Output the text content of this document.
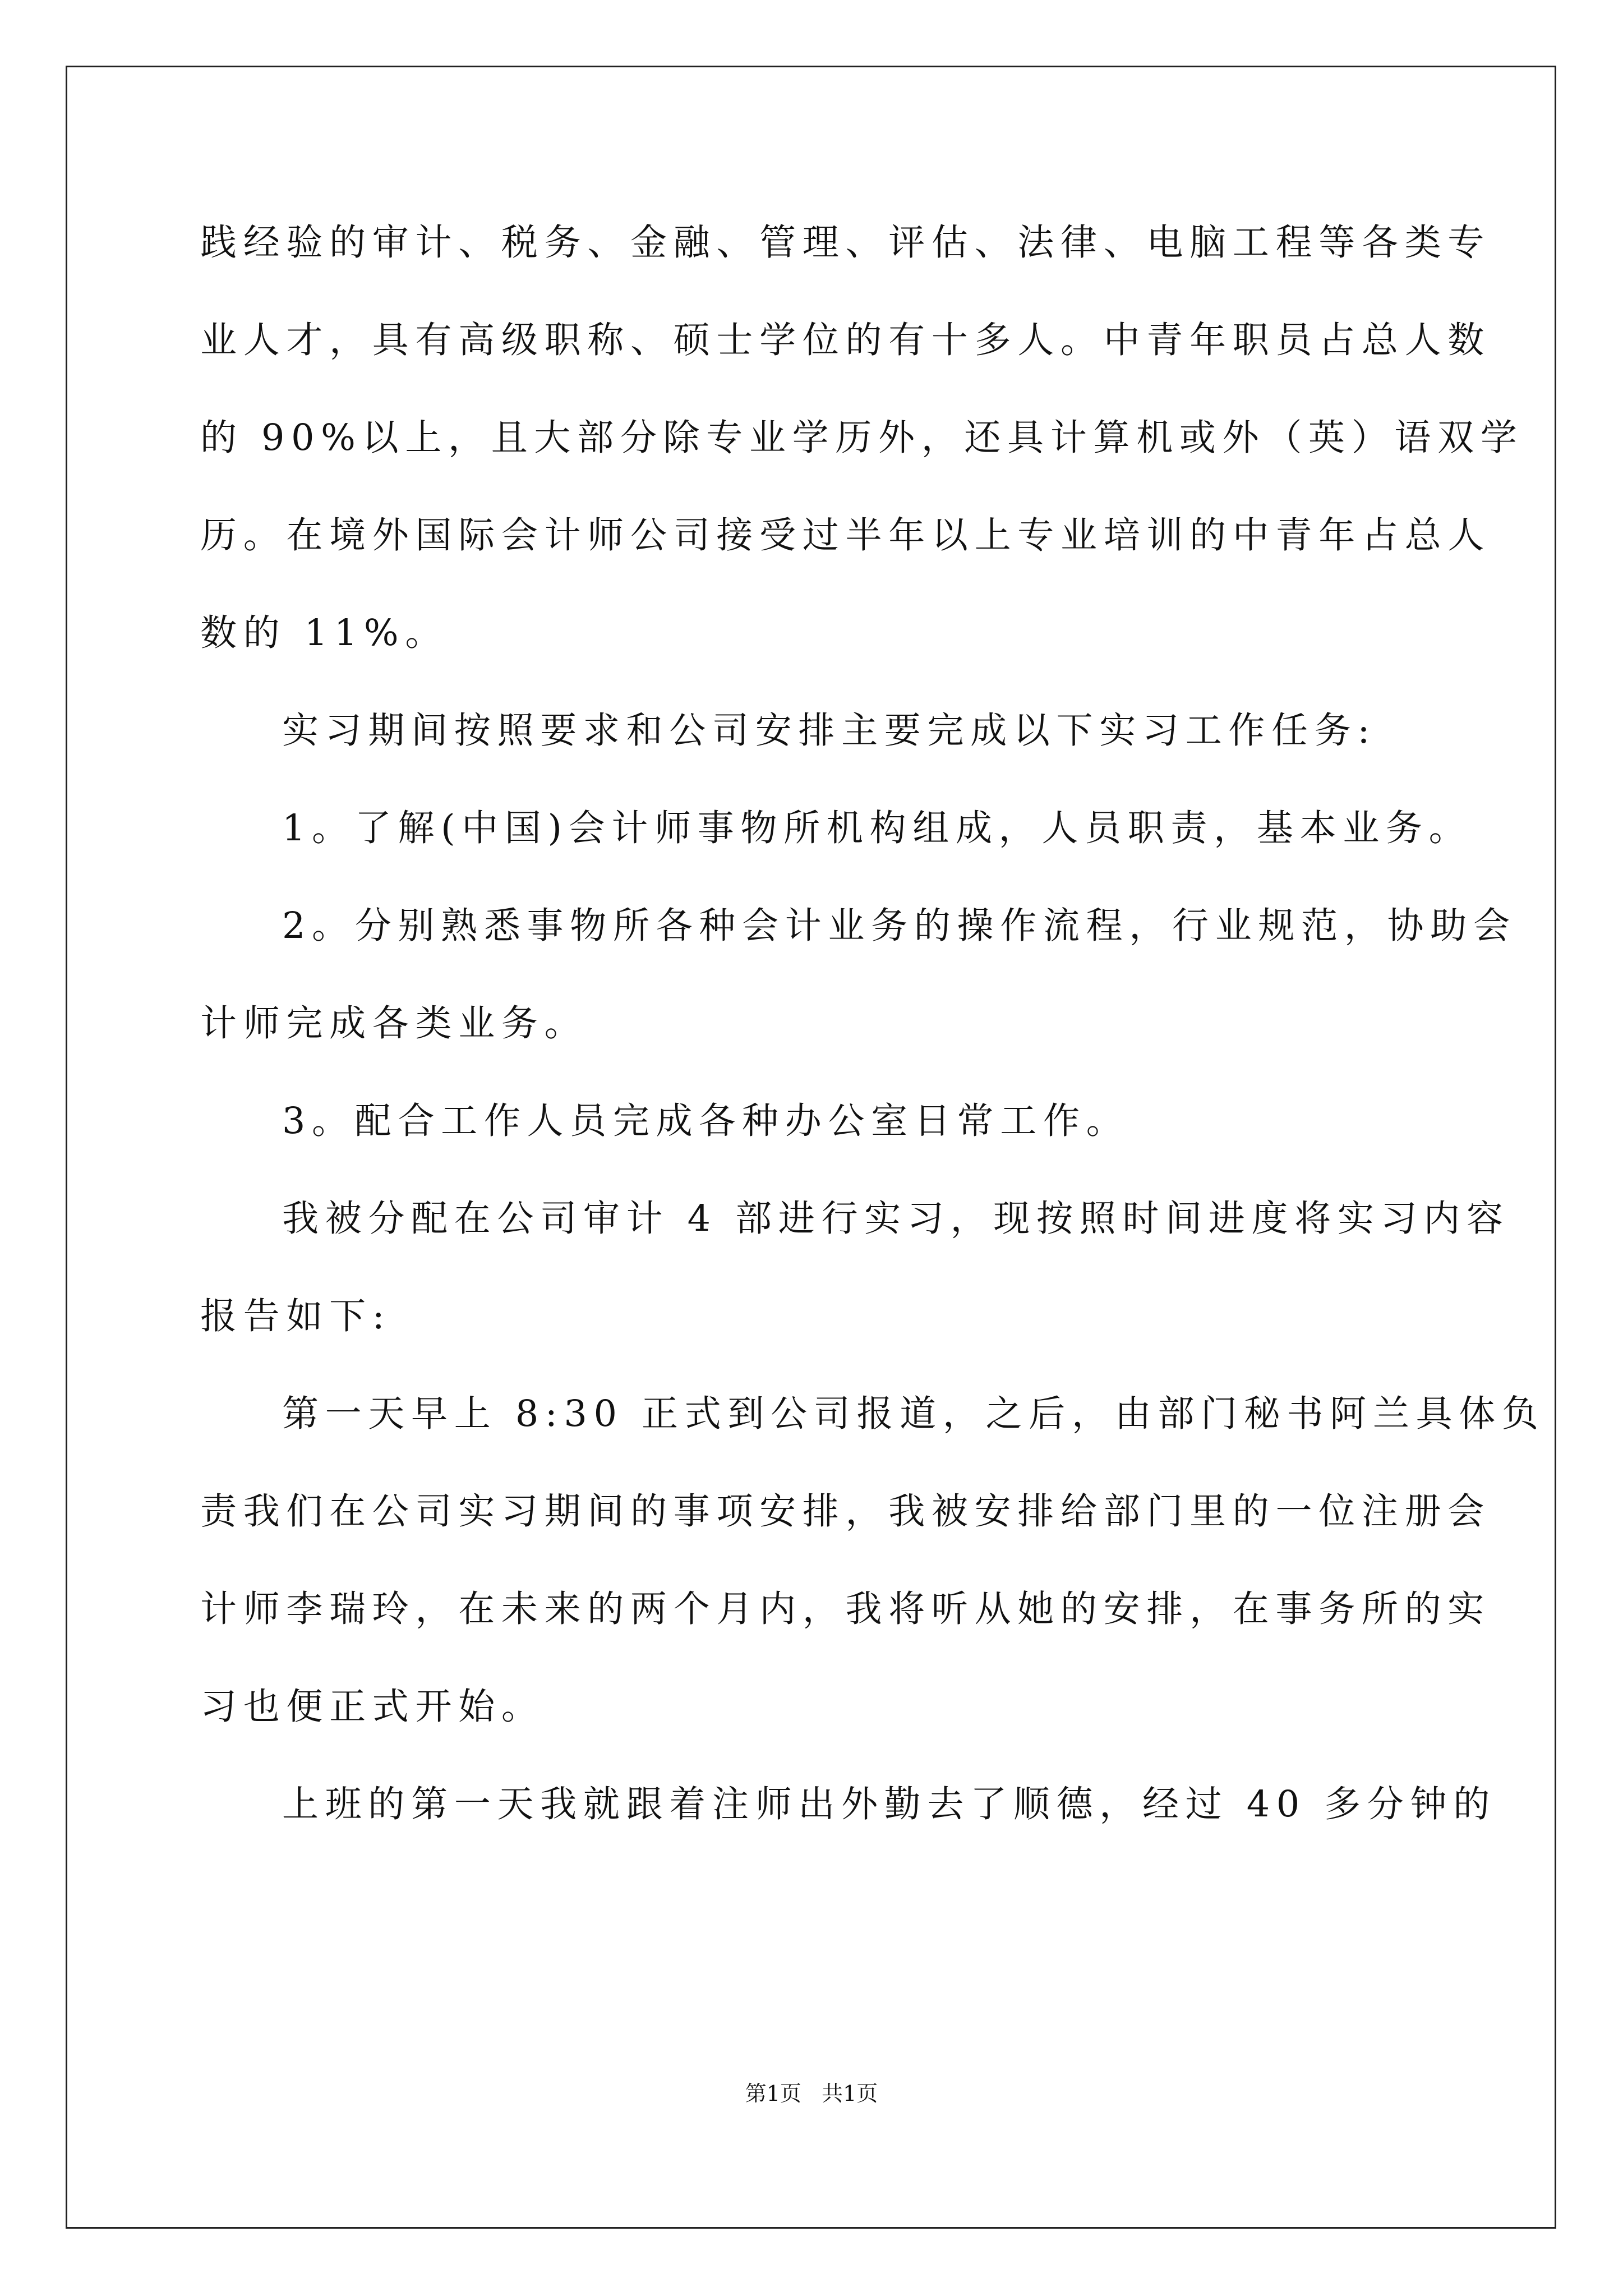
践经验的审计、税务、金融、管理、评估、法律、电脑工程等各类专
业人才，具有高级职称、硕士学位的有十多人。中青年职员占总人数
的 90%以上，且大部分除专业学历外，还具计算机或外（英）语双学
历。在境外国际会计师公司接受过半年以上专业培训的中青年占总人
数的 11%。
实习期间按照要求和公司安排主要完成以下实习工作任务:
1。了解(中国)会计师事物所机构组成，人员职责，基本业务。
2。分别熟悉事物所各种会计业务的操作流程，行业规范，协助会
计师完成各类业务。
3。配合工作人员完成各种办公室日常工作。
我被分配在公司审计 4 部进行实习，现按照时间进度将实习内容
报告如下:
第一天早上 8:30 正式到公司报道，之后，由部门秘书阿兰具体负
责我们在公司实习期间的事项安排，我被安排给部门里的一位注册会
计师李瑞玲，在未来的两个月内，我将听从她的安排，在事务所的实
习也便正式开始。
上班的第一天我就跟着注师出外勤去了顺德，经过 40 多分钟的
第1页   共1页
